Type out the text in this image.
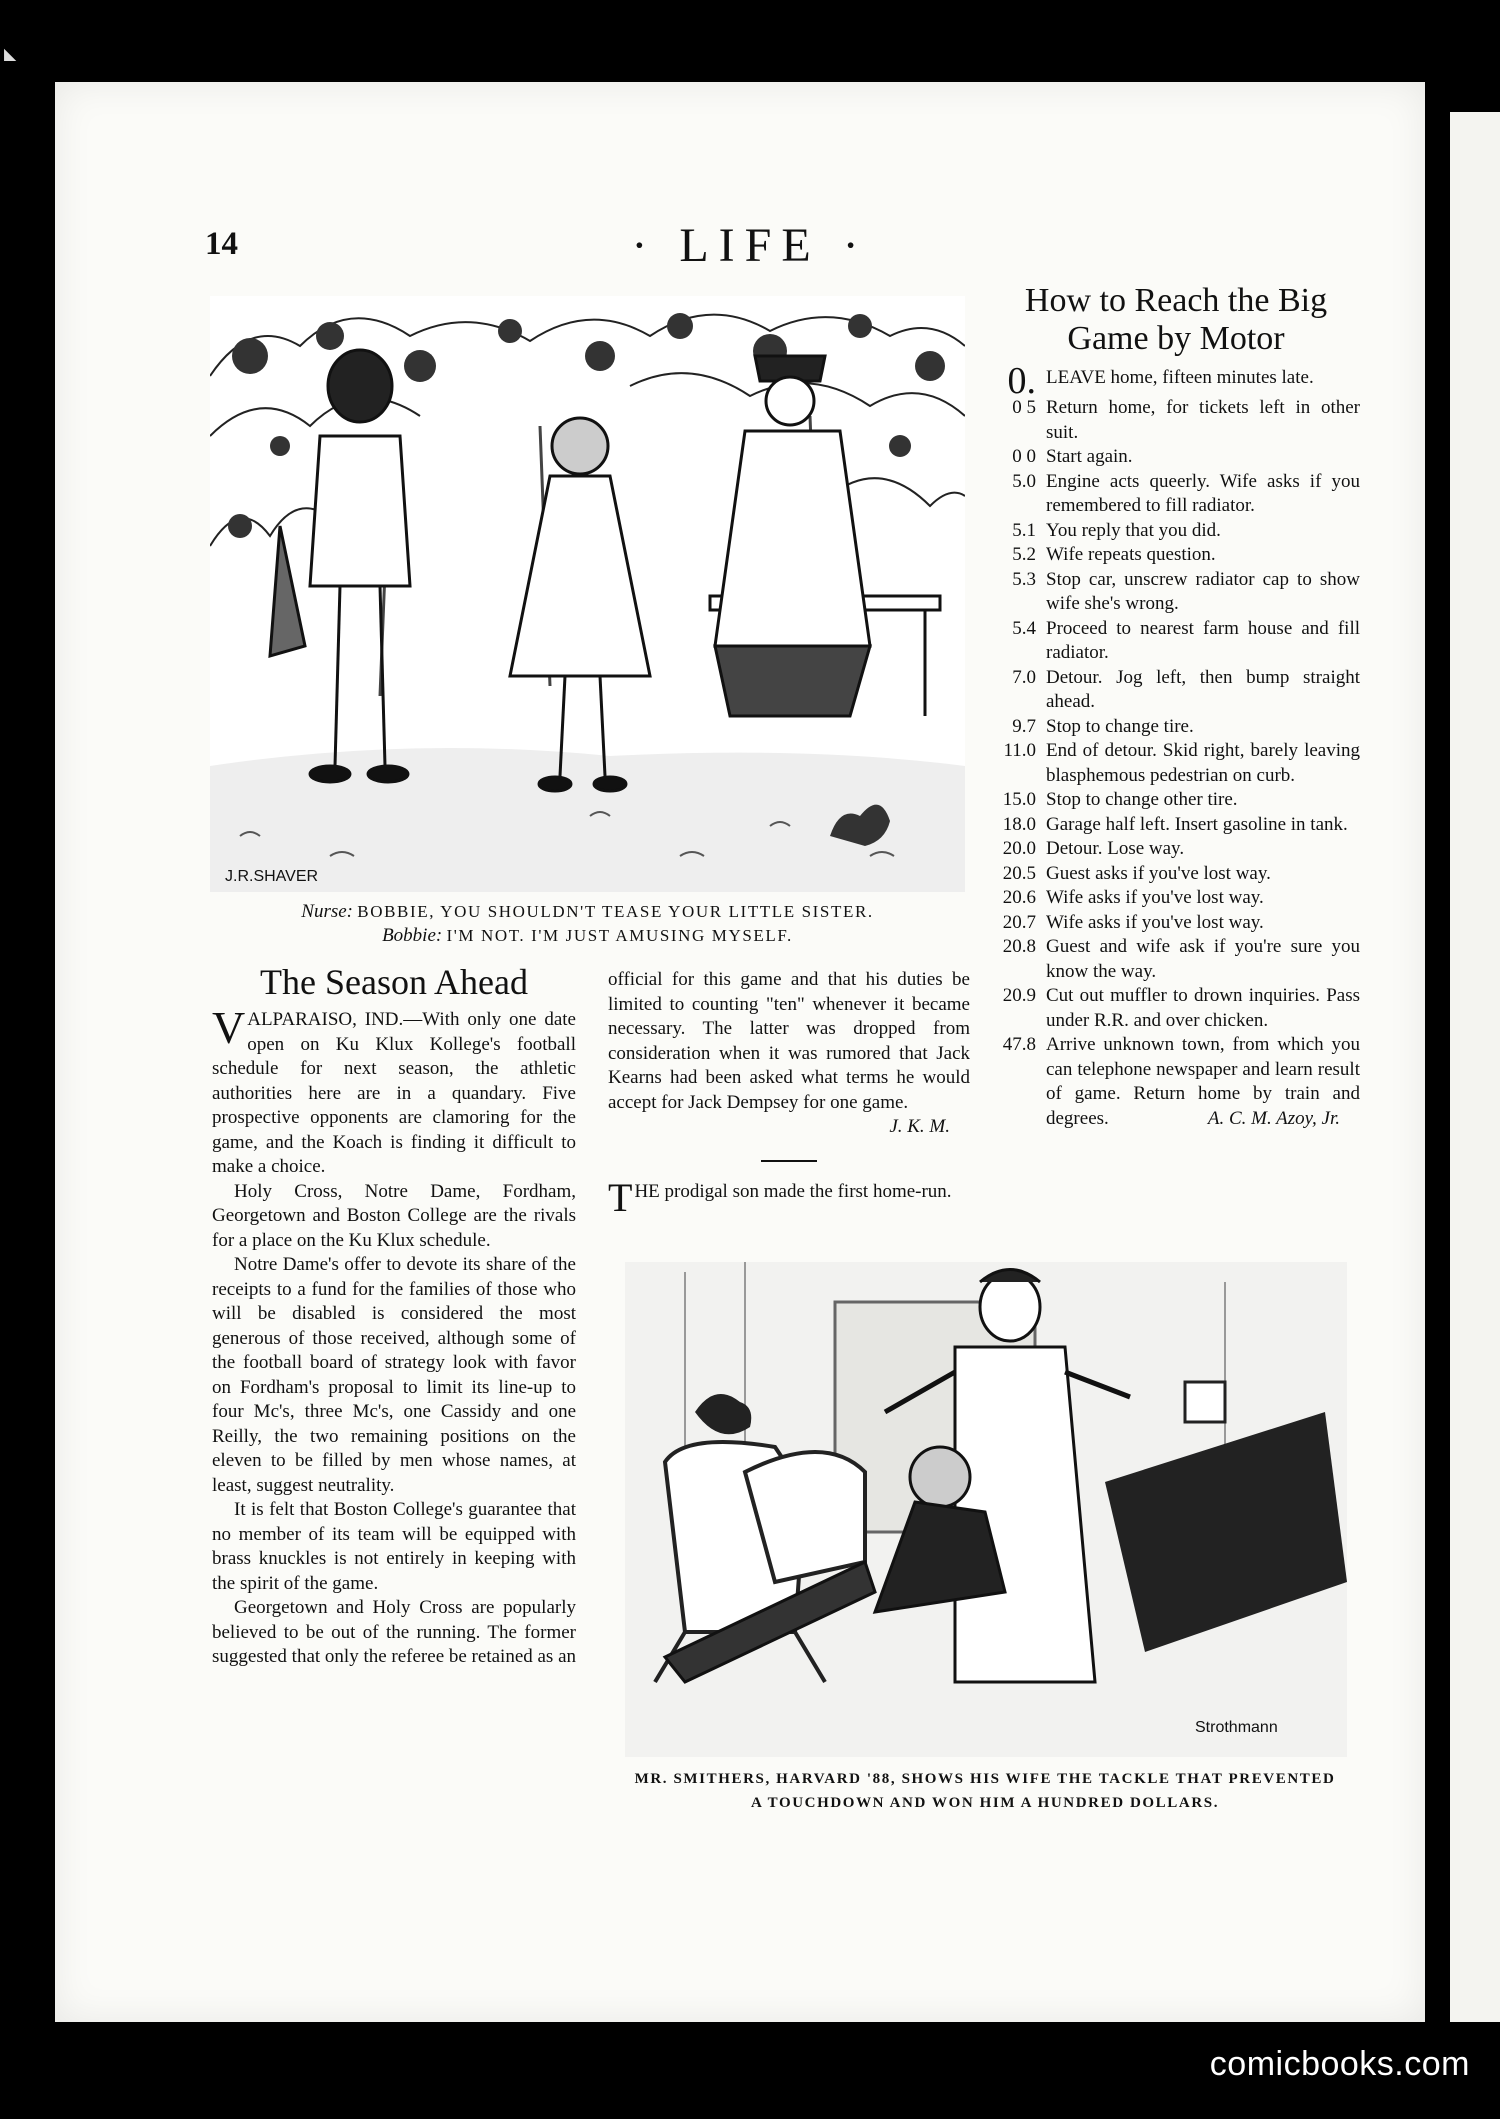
◣
14	· LIFE ·
J.R.SHAVER
Nurse: BOBBIE, YOU SHOULDN'T TEASE YOUR LITTLE SISTER.
Bobbie: I'M NOT. I'M JUST AMUSING MYSELF.
The Season Ahead

VALPARAISO, IND.—With only one date open on Ku Klux Kollege's football schedule for next season, the athletic authorities here are in a quandary. Five prospective opponents are clamoring for the game, and the Koach is finding it difficult to make a choice.

Holy Cross, Notre Dame, Fordham, Georgetown and Boston College are the rivals for a place on the Ku Klux schedule.

Notre Dame's offer to devote its share of the receipts to a fund for the families of those who will be disabled is considered the most generous of those received, although some of the football board of strategy look with favor on Fordham's proposal to limit its line-up to four Mc's, three Mc's, one Cassidy and one Reilly, the two remaining positions on the eleven to be filled by men whose names, at least, suggest neutrality.

It is felt that Boston College's guarantee that no member of its team will be equipped with brass knuckles is not entirely in keeping with the spirit of the game.

Georgetown and Holy Cross are popularly believed to be out of the running. The former suggested that only the referee be retained as an

official for this game and that his duties be limited to counting "ten" whenever it became necessary. The latter was dropped from consideration when it was rumored that Jack Kearns had been asked what terms he would accept for Jack Dempsey for one game.

J. K. M.

THE prodigal son made the first home-run.

How to Reach the Big Game by Motor
0. LEAVE home, fifteen minutes late.
0 5 Return home, for tickets left in other suit.
0 0 Start again.
5.0 Engine acts queerly. Wife asks if you remembered to fill radiator.
5.1 You reply that you did.
5.2 Wife repeats question.
5.3 Stop car, unscrew radiator cap to show wife she's wrong.
5.4 Proceed to nearest farm house and fill radiator.
7.0 Detour. Jog left, then bump straight ahead.
9.7 Stop to change tire.
11.0 End of detour. Skid right, barely leaving blasphemous pedestrian on curb.
15.0 Stop to change other tire.
18.0 Garage half left. Insert gasoline in tank.
20.0 Detour. Lose way.
20.5 Guest asks if you've lost way.
20.6 Wife asks if you've lost way.
20.7 Wife asks if you've lost way.
20.8 Guest and wife ask if you're sure you know the way.
20.9 Cut out muffler to drown inquiries. Pass under R.R. and over chicken.
47.8 Arrive unknown town, from which you can telephone newspaper and learn result of game. Return home by train and degrees.	A. C. M. Azoy, Jr.
Strothmann
MR. SMITHERS, HARVARD '88, SHOWS HIS WIFE THE TACKLE THAT PREVENTED
A TOUCHDOWN AND WON HIM A HUNDRED DOLLARS.
comicbooks.com
